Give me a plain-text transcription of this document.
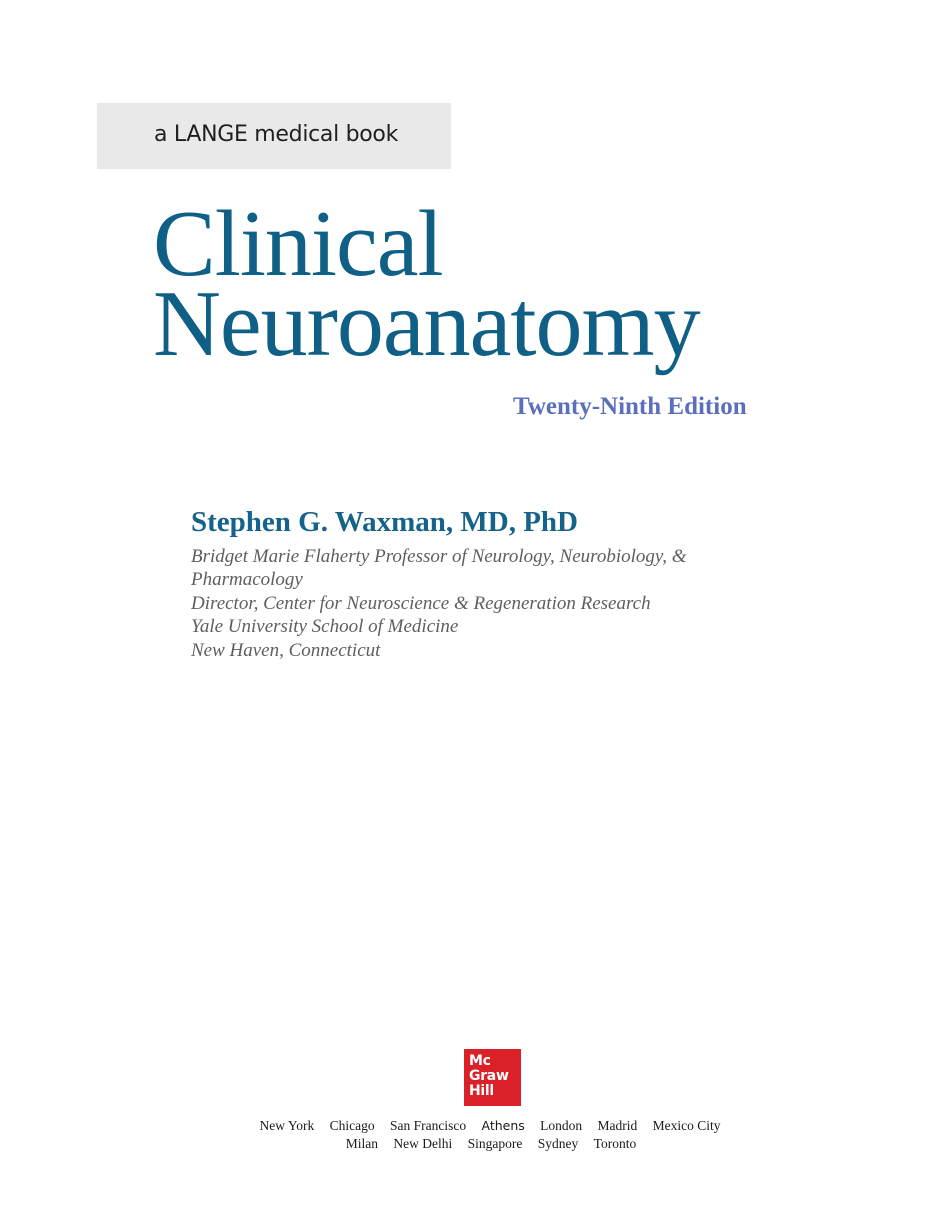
a LANGE medical book
Clinical
Neuroanatomy
Twenty-Ninth Edition
Stephen G. Waxman, MD, PhD
Bridget Marie Flaherty Professor of Neurology, Neurobiology, &
Pharmacology
Director, Center for Neuroscience & Regeneration Research
Yale University School of Medicine
New Haven, Connecticut
Mc
Graw
Hill
New York Chicago San Francisco Athens London Madrid Mexico City
Milan New Delhi Singapore Sydney Toronto
